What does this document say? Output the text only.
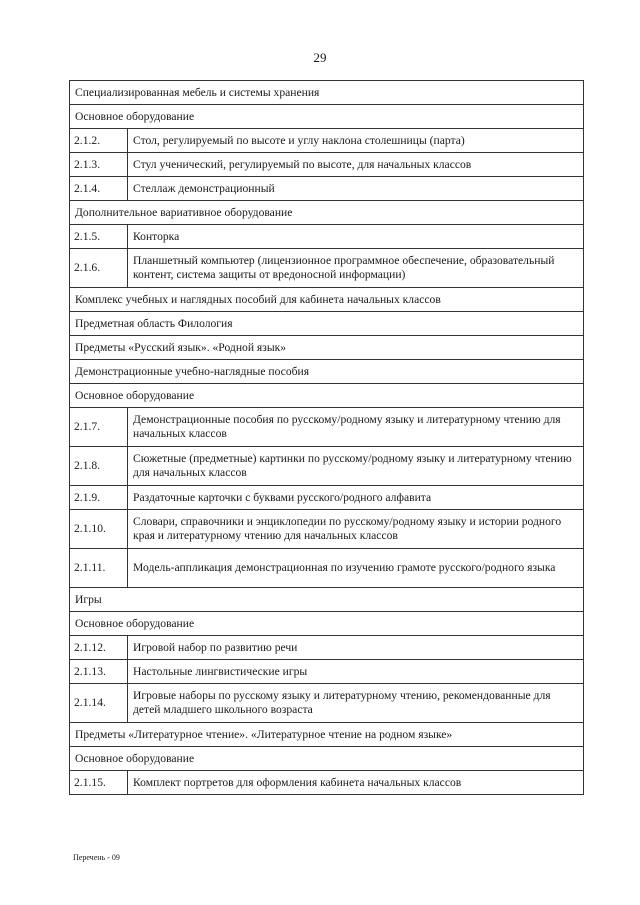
29
Специализированная мебель и системы хранения	
Основное оборудование	
2.1.2.	Стол, регулируемый по высоте и углу наклона столешницы (парта)
2.1.3.	Стул ученический, регулируемый по высоте, для начальных классов
2.1.4.	Стеллаж демонстрационный
Дополнительное вариативное оборудование	
2.1.5.	Конторка
2.1.6.	Планшетный компьютер (лицензионное программное обеспечение, образовательный контент, система защиты от вредоносной информации)
Комплекс учебных и наглядных пособий для кабинета начальных классов	
Предметная область Филология	
Предметы «Русский язык». «Родной язык»	
Демонстрационные учебно-наглядные пособия	
Основное оборудование	
2.1.7.	Демонстрационные пособия по русскому/родному языку и литературному чтению для начальных классов
2.1.8.	Сюжетные (предметные) картинки по русскому/родному языку и литературному чтению для начальных классов
2.1.9.	Раздаточные карточки с буквами русского/родного алфавита
2.1.10.	Словари, справочники и энциклопедии по русскому/родному языку и истории родного края и литературному чтению для начальных классов
2.1.11.	Модель-аппликация демонстрационная по изучению грамоте русского/родного языка
Игры	
Основное оборудование	
2.1.12.	Игровой набор по развитию речи
2.1.13.	Настольные лингвистические игры
2.1.14.	Игровые наборы по русскому языку и литературному чтению, рекомендованные для детей младшего школьного возраста
Предметы «Литературное чтение». «Литературное чтение на родном языке»	
Основное оборудование	
2.1.15.	Комплект портретов для оформления кабинета начальных классов
Перечень - 09
